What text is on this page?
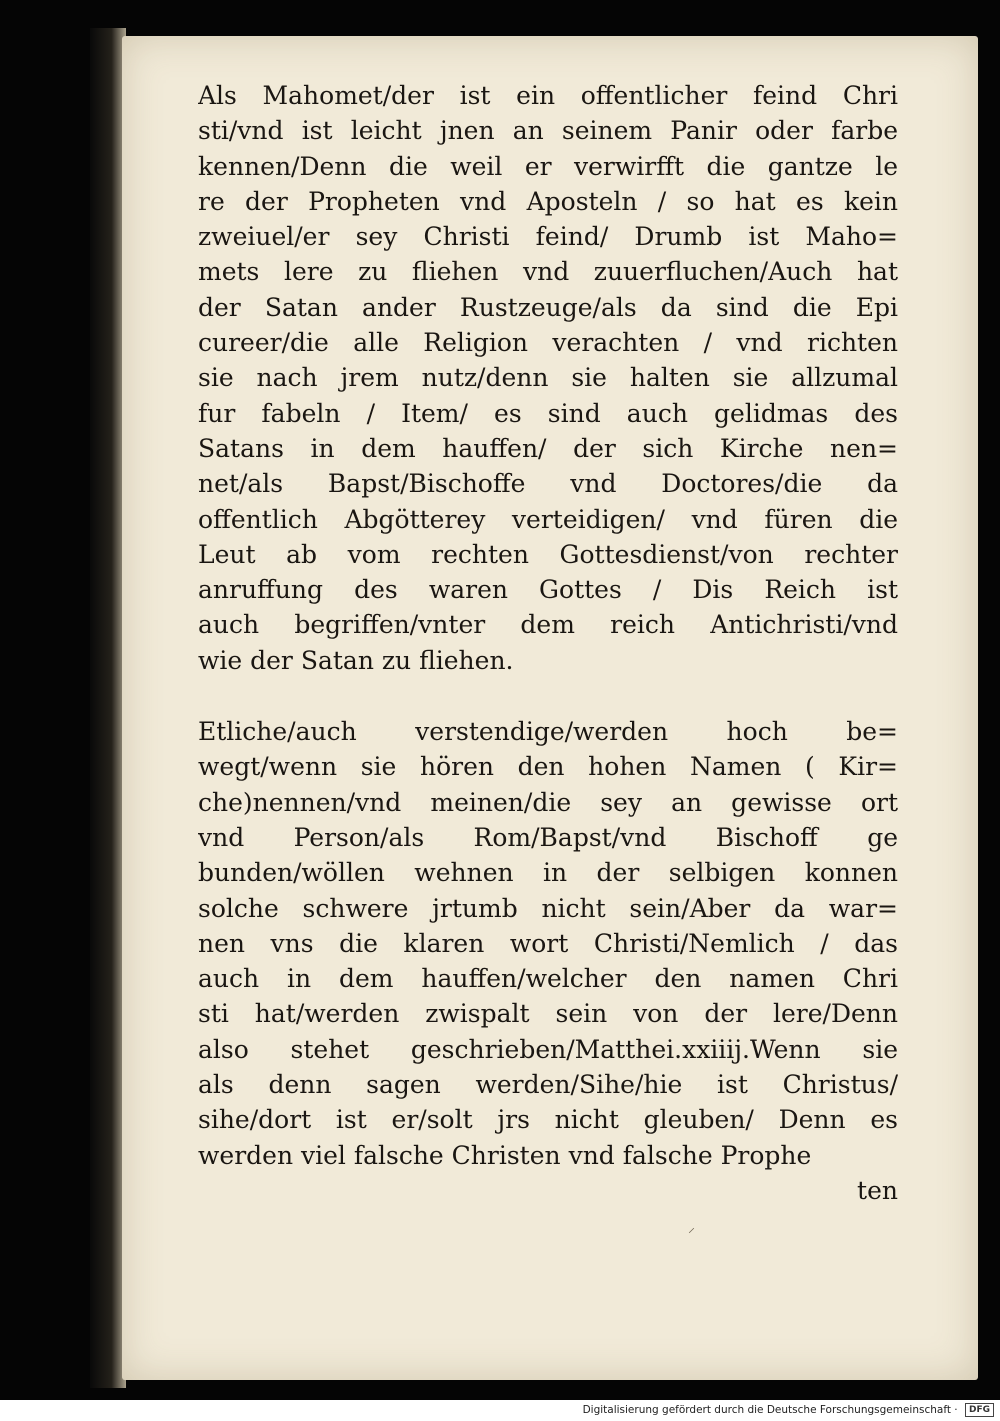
Als Mahomet/der ist ein offentlicher feind Chri
sti/vnd ist leicht jnen an seinem Panir oder farbe
kennen/Denn die weil er verwirfft die gantze le
re der Propheten vnd Aposteln / so hat es kein
zweiuel/er sey Christi feind/ Drumb ist Maho=
mets lere zu fliehen vnd zuuerfluchen/Auch hat
der Satan ander Rustzeuge/als da sind die Epi
cureer/die alle Religion verachten / vnd richten
sie nach jrem nutz/denn sie halten sie allzumal
fur fabeln / Item/ es sind auch gelidmas des
Satans in dem hauffen/ der sich Kirche nen=
net/als Bapst/Bischoffe vnd Doctores/die da
offentlich Abgötterey verteidigen/ vnd füren die
Leut ab vom rechten Gottesdienst/von rechter
anruffung des waren Gottes / Dis Reich ist
auch begriffen/vnter dem reich Antichristi/vnd
wie der Satan zu fliehen.
Etliche/auch verstendige/werden hoch be=
wegt/wenn sie hören den hohen Namen ( Kir=
che)nennen/vnd meinen/die sey an gewisse ort
vnd Person/als Rom/Bapst/vnd Bischoff ge
bunden/wöllen wehnen in der selbigen konnen
solche schwere jrtumb nicht sein/Aber da war=
nen vns die klaren wort Christi/Nemlich / das
auch in dem hauffen/welcher den namen Chri
sti hat/werden zwispalt sein von der lere/Denn
also stehet geschrieben/Matthei.xxiiij.Wenn sie
als denn sagen werden/Sihe/hie ist Christus/
sihe/dort ist er/solt jrs nicht gleuben/ Denn es
werden viel falsche Christen vnd falsche Prophe
ten
Digitalisierung gefördert durch die Deutsche Forschungsgemeinschaft · DFG
